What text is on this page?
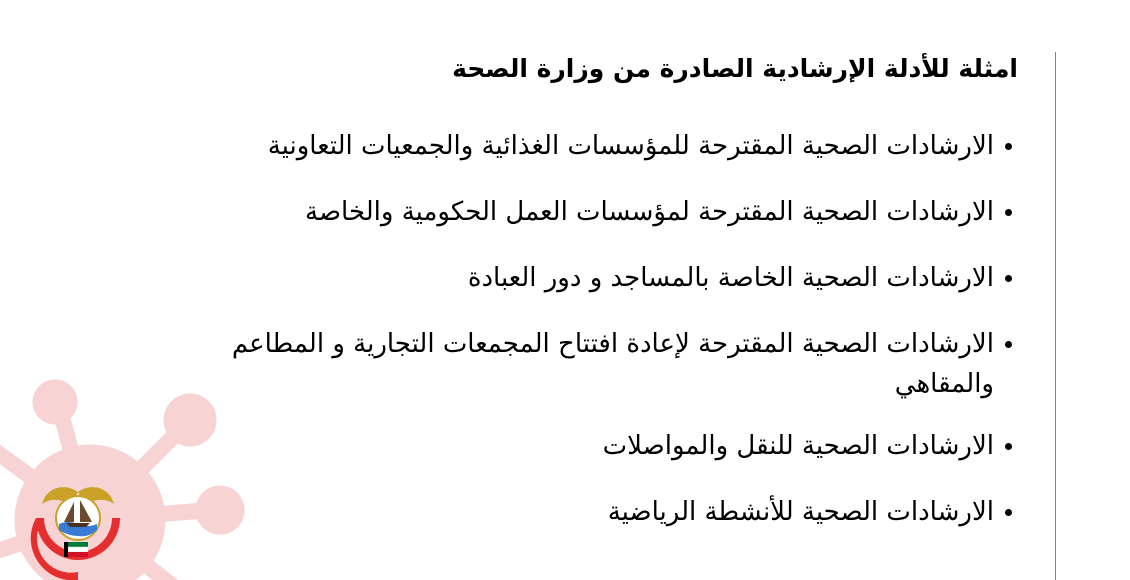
امثلة للأدلة الإرشادية الصادرة من وزارة الصحة
الارشادات الصحية المقترحة للمؤسسات الغذائية والجمعيات التعاونية
الارشادات الصحية المقترحة لمؤسسات العمل الحكومية والخاصة
الارشادات الصحية الخاصة بالمساجد و دور العبادة
الارشادات الصحية المقترحة لإعادة افتتاح المجمعات التجارية و المطاعم والمقاهي
الارشادات الصحية للنقل والمواصلات
الارشادات الصحية للأنشطة الرياضية
